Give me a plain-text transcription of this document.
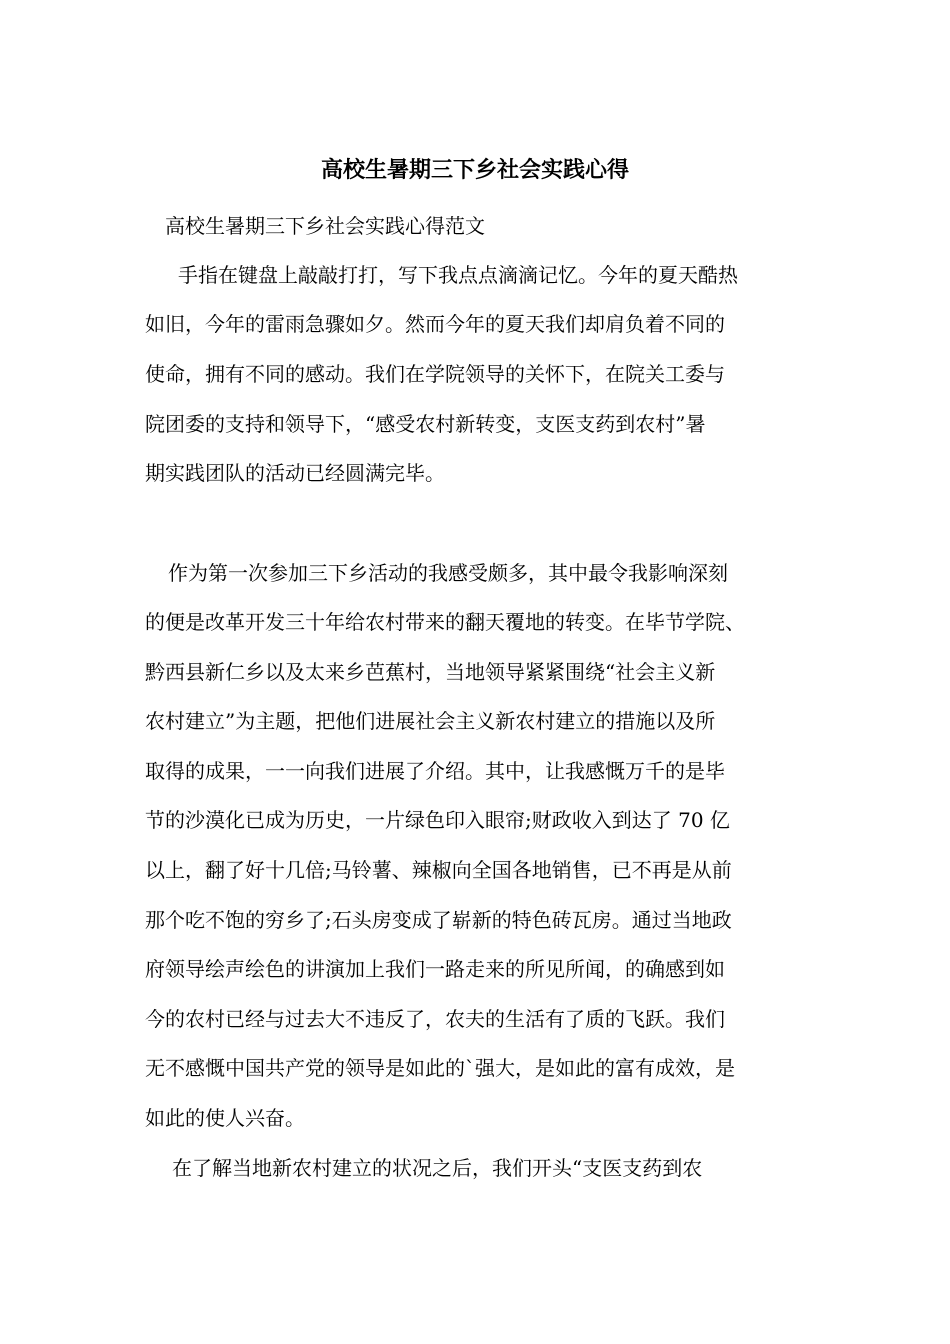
高校生暑期三下乡社会实践心得

高校生暑期三下乡社会实践心得范文

手指在键盘上敲敲打打，写下我点点滴滴记忆。今年的夏天酷热

如旧，今年的雷雨急骤如夕。然而今年的夏天我们却肩负着不同的

使命，拥有不同的感动。我们在学院领导的关怀下，在院关工委与

院团委的支持和领导下，“感受农村新转变，支医支药到农村”暑

期实践团队的活动已经圆满完毕。

作为第一次参加三下乡活动的我感受颇多，其中最令我影响深刻

的便是改革开发三十年给农村带来的翻天覆地的转变。在毕节学院、

黔西县新仁乡以及太来乡芭蕉村，当地领导紧紧围绕“社会主义新

农村建立”为主题，把他们进展社会主义新农村建立的措施以及所

取得的成果，一一向我们进展了介绍。其中，让我感慨万千的是毕

节的沙漠化已成为历史，一片绿色印入眼帘;财政收入到达了 70 亿

以上，翻了好十几倍;马铃薯、辣椒向全国各地销售，已不再是从前

那个吃不饱的穷乡了;石头房变成了崭新的特色砖瓦房。通过当地政

府领导绘声绘色的讲演加上我们一路走来的所见所闻，的确感到如

今的农村已经与过去大不违反了，农夫的生活有了质的飞跃。我们

无不感慨中国共产党的领导是如此的`强大，是如此的富有成效，是

如此的使人兴奋。

在了解当地新农村建立的状况之后，我们开头“支医支药到农
